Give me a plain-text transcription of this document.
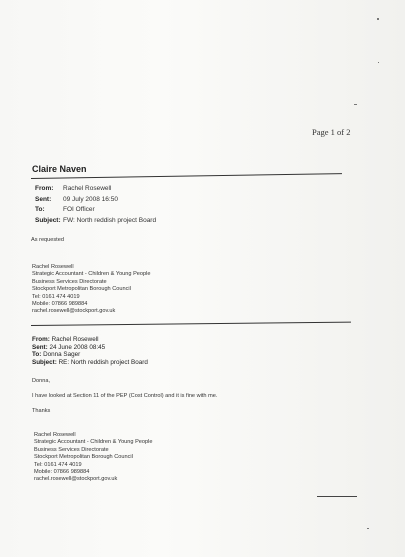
Page 1 of 2
Claire Naven
From: Rachel Rosewell
Sent: 09 July 2008 16:50
To:	FOI Officer
Subject: FW: North reddish project Board
As requested
Rachel Rosewell
Strategic Accountant - Children & Young People
Business Services Directorate
Stockport Metropolitan Borough Council
Tel: 0161 474 4019
Mobile: 07866 989884
rachel.rosewell@stockport.gov.uk
From: Rachel Rosewell
Sent: 24 June 2008 08:45
To: Donna Sager
Subject: RE: North reddish project Board
Donna,
I have looked at Section 11 of the PEP (Cost Control) and it is fine with me.
Thanks
Rachel Rosewell
Strategic Accountant - Children & Young People
Business Services Directorate
Stockport Metropolitan Borough Council
Tel: 0161 474 4019
Mobile: 07866 989884
rachel.rosewell@stockport.gov.uk
